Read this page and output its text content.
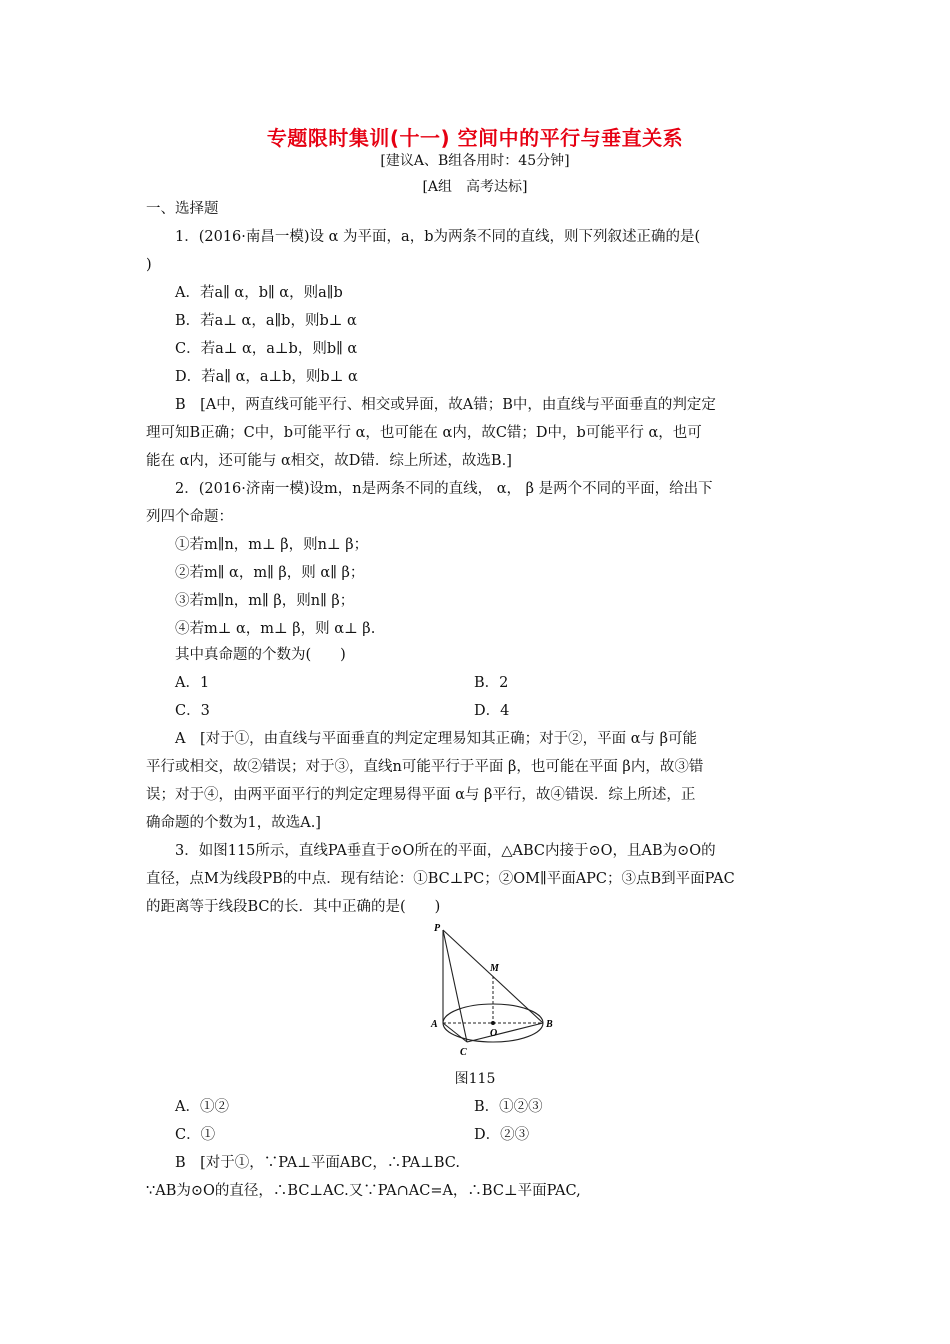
专题限时集训(十一) 空间中的平行与垂直关系
[建议A、B组各用时：45分钟]
[A组　高考达标]
一、选择题
1．(2016·南昌一模)设 α 为平面，a，b为两条不同的直线，则下列叙述正确的是(
)
A．若a∥ α，b∥ α，则a∥b
B．若a⊥ α，a∥b，则b⊥ α
C．若a⊥ α，a⊥b，则b∥ α
D．若a∥ α，a⊥b，则b⊥ α
B　[A中，两直线可能平行、相交或异面，故A错；B中，由直线与平面垂直的判定定
理可知B正确；C中，b可能平行 α，也可能在 α内，故C错；D中，b可能平行 α，也可
能在 α内，还可能与 α相交，故D错．综上所述，故选B.]
2．(2016·济南一模)设m，n是两条不同的直线， α， β 是两个不同的平面，给出下
列四个命题：
①若m∥n，m⊥ β，则n⊥ β；
②若m∥ α，m∥ β，则 α∥ β；
③若m∥n，m∥ β，则n∥ β；
④若m⊥ α，m⊥ β，则 α⊥ β.
其中真命题的个数为(　　)
A．1	B．2
C．3	D．4
A　[对于①，由直线与平面垂直的判定定理易知其正确；对于②，平面 α与 β可能
平行或相交，故②错误；对于③，直线n可能平行于平面 β，也可能在平面 β内，故③错
误；对于④，由两平面平行的判定定理易得平面 α与 β平行，故④错误．综上所述，正
确命题的个数为1，故选A.]
3．如图115所示，直线PA垂直于⊙O所在的平面，△ABC内接于⊙O，且AB为⊙O的
直径，点M为线段PB的中点．现有结论：①BC⊥PC；②OM∥平面APC；③点B到平面PAC
的距离等于线段BC的长．其中正确的是(　　)
P
M
A
O
B
C
图115
A．①②	B．①②③
C．①	D．②③
B　[对于①，∵PA⊥平面ABC，∴PA⊥BC.
∵AB为⊙O的直径，∴BC⊥AC.又∵PA∩AC=A，∴BC⊥平面PAC,
